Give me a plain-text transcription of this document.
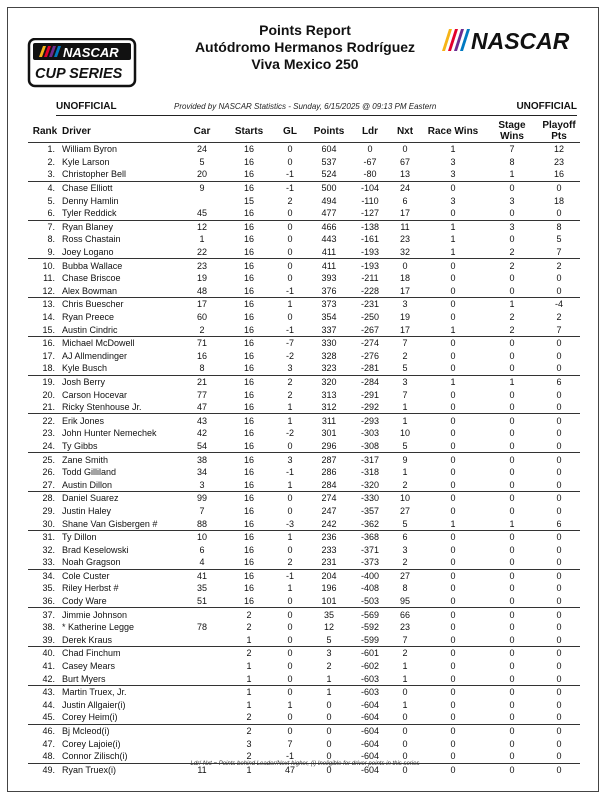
NASCAR
CUP SERIES
NASCAR
Points Report
Autódromo Hermanos Rodríguez
Viva Mexico 250
UNOFFICIAL	Provided by NASCAR Statistics - Sunday, 6/15/2025 @ 09:13 PM Eastern	UNOFFICIAL
Rank	Driver	Car	Starts	GL	Points	Ldr	Nxt	Race Wins	Stage Wins	Playoff Pts
1.	William Byron	24	16	0	604	0	0	1	7	12
2.	Kyle Larson	5	16	0	537	-67	67	3	8	23
3.	Christopher Bell	20	16	-1	524	-80	13	3	1	16
4.	Chase Elliott	9	16	-1	500	-104	24	0	0	0
5.	Denny Hamlin		15	2	494	-110	6	3	3	18
6.	Tyler Reddick	45	16	0	477	-127	17	0	0	0
7.	Ryan Blaney	12	16	0	466	-138	11	1	3	8
8.	Ross Chastain	1	16	0	443	-161	23	1	0	5
9.	Joey Logano	22	16	0	411	-193	32	1	2	7
10.	Bubba Wallace	23	16	0	411	-193	0	0	2	2
11.	Chase Briscoe	19	16	0	393	-211	18	0	0	0
12.	Alex Bowman	48	16	-1	376	-228	17	0	0	0
13.	Chris Buescher	17	16	1	373	-231	3	0	1	-4
14.	Ryan Preece	60	16	0	354	-250	19	0	2	2
15.	Austin Cindric	2	16	-1	337	-267	17	1	2	7
16.	Michael McDowell	71	16	-7	330	-274	7	0	0	0
17.	AJ Allmendinger	16	16	-2	328	-276	2	0	0	0
18.	Kyle Busch	8	16	3	323	-281	5	0	0	0
19.	Josh Berry	21	16	2	320	-284	3	1	1	6
20.	Carson Hocevar	77	16	2	313	-291	7	0	0	0
21.	Ricky Stenhouse Jr.	47	16	1	312	-292	1	0	0	0
22.	Erik Jones	43	16	1	311	-293	1	0	0	0
23.	John Hunter Nemechek	42	16	-2	301	-303	10	0	0	0
24.	Ty Gibbs	54	16	0	296	-308	5	0	0	0
25.	Zane Smith	38	16	3	287	-317	9	0	0	0
26.	Todd Gilliland	34	16	-1	286	-318	1	0	0	0
27.	Austin Dillon	3	16	1	284	-320	2	0	0	0
28.	Daniel Suarez	99	16	0	274	-330	10	0	0	0
29.	Justin Haley	7	16	0	247	-357	27	0	0	0
30.	Shane Van Gisbergen #	88	16	-3	242	-362	5	1	1	6
31.	Ty Dillon	10	16	1	236	-368	6	0	0	0
32.	Brad Keselowski	6	16	0	233	-371	3	0	0	0
33.	Noah Gragson	4	16	2	231	-373	2	0	0	0
34.	Cole Custer	41	16	-1	204	-400	27	0	0	0
35.	Riley Herbst #	35	16	1	196	-408	8	0	0	0
36.	Cody Ware	51	16	0	101	-503	95	0	0	0
37.	Jimmie Johnson		2	0	35	-569	66	0	0	0
38.	* Katherine Legge	78	2	0	12	-592	23	0	0	0
39.	Derek Kraus		1	0	5	-599	7	0	0	0
40.	Chad Finchum		2	0	3	-601	2	0	0	0
41.	Casey Mears		1	0	2	-602	1	0	0	0
42.	Burt Myers		1	0	1	-603	1	0	0	0
43.	Martin Truex, Jr.		1	0	1	-603	0	0	0	0
44.	Justin Allgaier(i)		1	1	0	-604	1	0	0	0
45.	Corey Heim(i)		2	0	0	-604	0	0	0	0
46.	Bj Mcleod(i)		2	0	0	-604	0	0	0	0
47.	Corey Lajoie(i)		3	7	0	-604	0	0	0	0
48.	Connor Zilisch(i)		2	-1	0	-604	0	0	0	0
49.	Ryan Truex(i)	11	1	47	0	-604	0	0	0	0
-Ldr/-Nxt = Points behind Leader/Next higher, (i) Ineligible for driver points in this series
